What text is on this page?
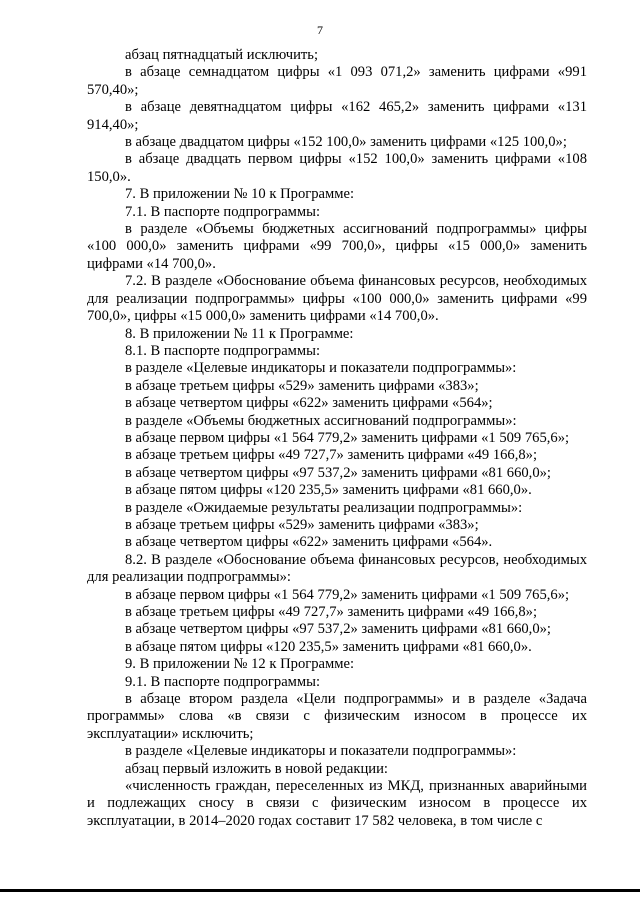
7

абзац пятнадцатый исключить;

в абзаце семнадцатом цифры «1 093 071,2» заменить цифрами «991 570,40»;

в абзаце девятнадцатом цифры «162 465,2» заменить цифрами «131 914,40»;

в абзаце двадцатом цифры «152 100,0» заменить цифрами «125 100,0»;

в абзаце двадцать первом цифры «152 100,0» заменить цифрами «108 150,0».

7. В приложении № 10 к Программе:

7.1. В паспорте подпрограммы:

в разделе «Объемы бюджетных ассигнований подпрограммы» цифры «100 000,0» заменить цифрами «99 700,0», цифры «15 000,0» заменить цифрами «14 700,0».

7.2. В разделе «Обоснование объема финансовых ресурсов, необходимых для реализации подпрограммы» цифры «100 000,0» заменить цифрами «99 700,0», цифры «15 000,0» заменить цифрами «14 700,0».

8. В приложении № 11 к Программе:

8.1. В паспорте подпрограммы:

в разделе «Целевые индикаторы и показатели подпрограммы»:

в абзаце третьем цифры «529» заменить цифрами «383»;

в абзаце четвертом цифры «622» заменить цифрами «564»;

в разделе «Объемы бюджетных ассигнований подпрограммы»:

в абзаце первом цифры «1 564 779,2» заменить цифрами «1 509 765,6»;

в абзаце третьем цифры «49 727,7» заменить цифрами «49 166,8»;

в абзаце четвертом цифры «97 537,2» заменить цифрами «81 660,0»;

в абзаце пятом цифры «120 235,5» заменить цифрами «81 660,0».

в разделе «Ожидаемые результаты реализации подпрограммы»:

в абзаце третьем цифры «529» заменить цифрами «383»;

в абзаце четвертом цифры «622» заменить цифрами «564».

8.2. В разделе «Обоснование объема финансовых ресурсов, необходимых для реализации подпрограммы»:

в абзаце первом цифры «1 564 779,2» заменить цифрами «1 509 765,6»;

в абзаце третьем цифры «49 727,7» заменить цифрами «49 166,8»;

в абзаце четвертом цифры «97 537,2» заменить цифрами «81 660,0»;

в абзаце пятом цифры «120 235,5» заменить цифрами «81 660,0».

9. В приложении № 12 к Программе:

9.1. В паспорте подпрограммы:

в абзаце втором раздела «Цели подпрограммы» и в разделе «Задача программы» слова «в связи с физическим износом в процессе их эксплуатации» исключить;

в разделе «Целевые индикаторы и показатели подпрограммы»:

абзац первый изложить в новой редакции:

«численность граждан, переселенных из МКД, признанных аварийными и подлежащих сносу в связи с физическим износом в процессе их эксплуатации, в 2014–2020 годах составит 17 582 человека, в том числе с
